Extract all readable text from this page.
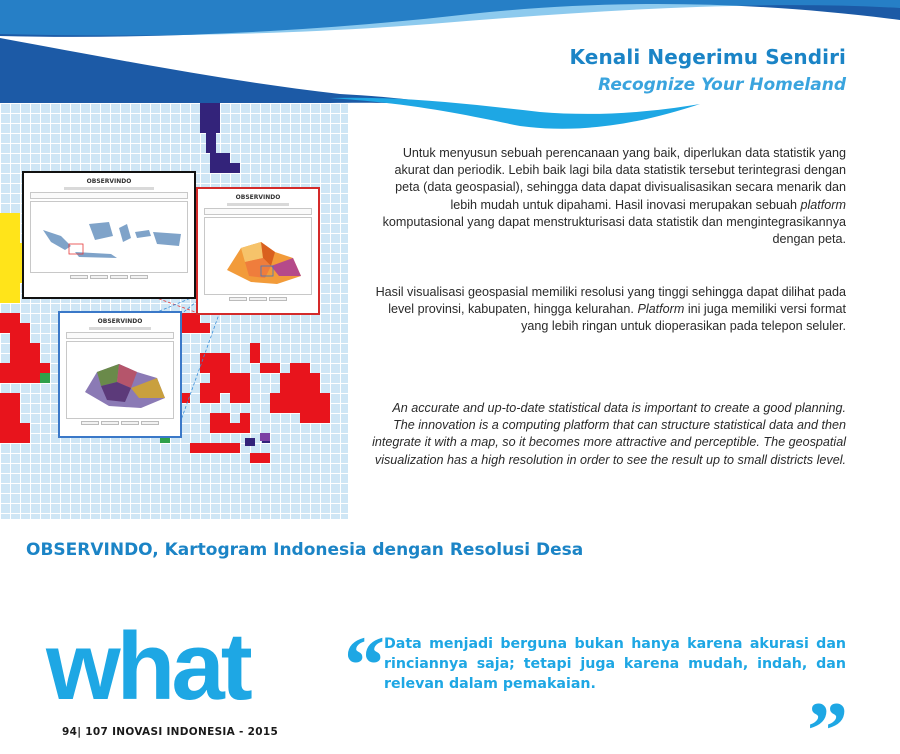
Kenali Negerimu Sendiri
Recognize Your Homeland
OBSERVINDO
OBSERVINDO
OBSERVINDO

Untuk menyusun sebuah perencanaan yang baik, diperlukan data statistik yang akurat dan periodik. Lebih baik lagi bila data statistik tersebut terintegrasi dengan peta (data geospasial), sehingga data dapat divisualisasikan secara menarik dan lebih mudah untuk dipahami. Hasil inovasi merupakan sebuah platform komputasional yang dapat menstrukturisasi data statistik dan mengintegrasikannya dengan peta.

Hasil visualisasi geospasial memiliki resolusi yang tinggi sehingga dapat dilihat pada level provinsi, kabupaten, hingga kelurahan. Platform ini juga memiliki versi format yang lebih ringan untuk dioperasikan pada telepon seluler.

An accurate and up-to-date statistical data is important to create a good planning. The innovation is a computing platform that can structure statistical data and then integrate it with a map, so it becomes more attractive and perceptible. The geospatial visualization has a high resolution in order to see the result up to small districts level.

OBSERVINDO, Kartogram Indonesia dengan Resolusi Desa
what
94| 107 INOVASI INDONESIA - 2015
“ Data menjadi berguna bukan hanya karena akurasi dan rinciannya saja; tetapi juga karena mudah, indah, dan relevan dalam pemakaian.
”
